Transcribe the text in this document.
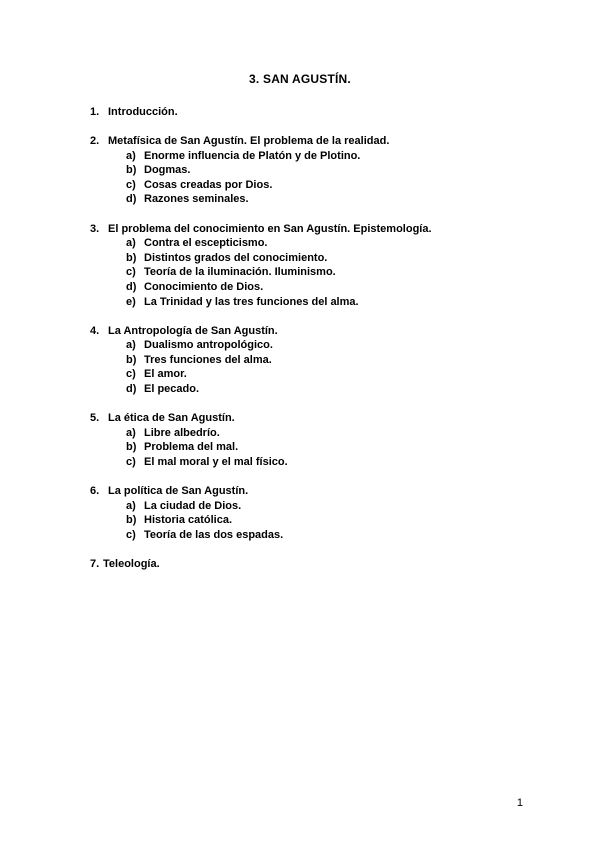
3. SAN AGUSTÍN.
1. Introducción.
2. Metafísica de San Agustín. El problema de la realidad.
a) Enorme influencia de Platón y de Plotino.
b) Dogmas.
c) Cosas creadas por Dios.
d) Razones seminales.
3. El problema del conocimiento en San Agustín. Epistemología.
a) Contra el escepticismo.
b) Distintos grados del conocimiento.
c) Teoría de la iluminación. Iluminismo.
d) Conocimiento de Dios.
e) La Trinidad y las tres funciones del alma.
4. La Antropología de San Agustín.
a) Dualismo antropológico.
b) Tres funciones del alma.
c) El amor.
d) El pecado.
5. La ética de San Agustín.
a) Libre albedrío.
b) Problema del mal.
c) El mal moral y el mal físico.
6. La política de San Agustín.
a) La ciudad de Dios.
b) Historia católica.
c) Teoría de las dos espadas.
7. Teleología.
1
